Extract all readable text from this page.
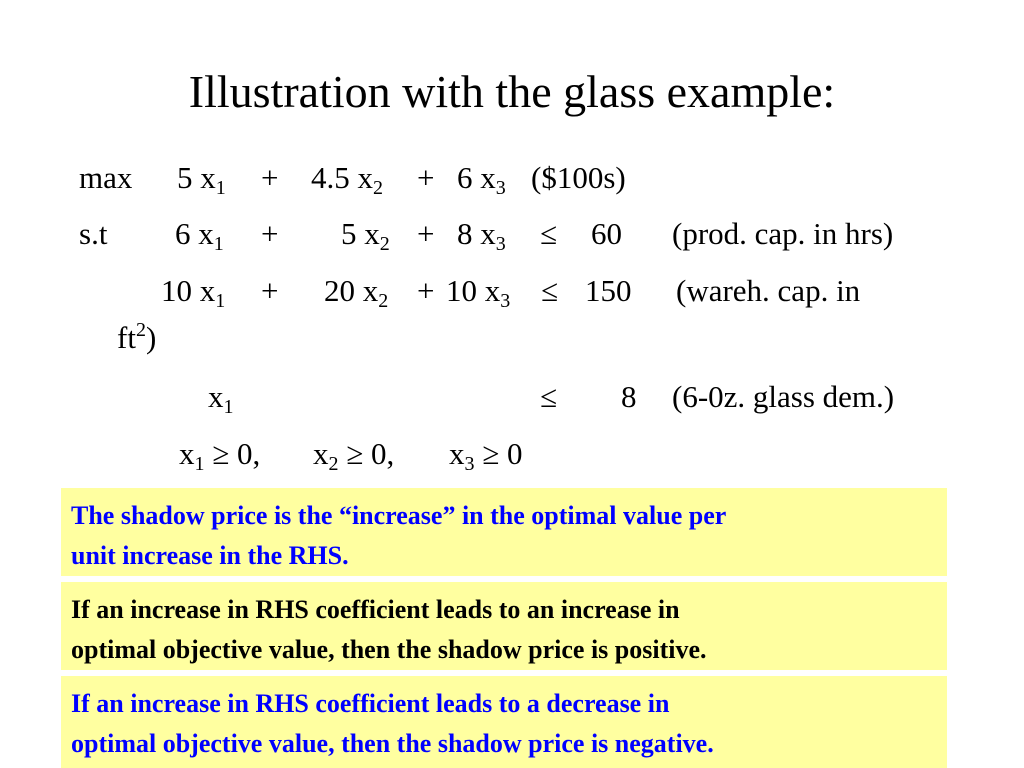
Illustration with the glass example:
max 5 $x_1 + 4.5$ $x_2 + 6$ $x_3$ ($100s)
s.t 6 $x_1 + 5$ $x_2 + 8$ $x_3 \le 60$ (prod. cap. in hrs)
10 $x_1 + 20$ $x_2 + 10$ $x_3 \le 150$ (wareh. cap. in
$ft^2$)
$x_1$	≤ 8 (6-0z. glass dem.)
$x_1 \ge 0$, $x_2 \ge 0$, $x_3 \ge 0$
The shadow price is the “increase” in the optimal value per
unit increase in the RHS.
If an increase in RHS coefficient leads to an increase in
optimal objective value, then the shadow price is positive.
If an increase in RHS coefficient leads to a decrease in
optimal objective value, then the shadow price is negative.
